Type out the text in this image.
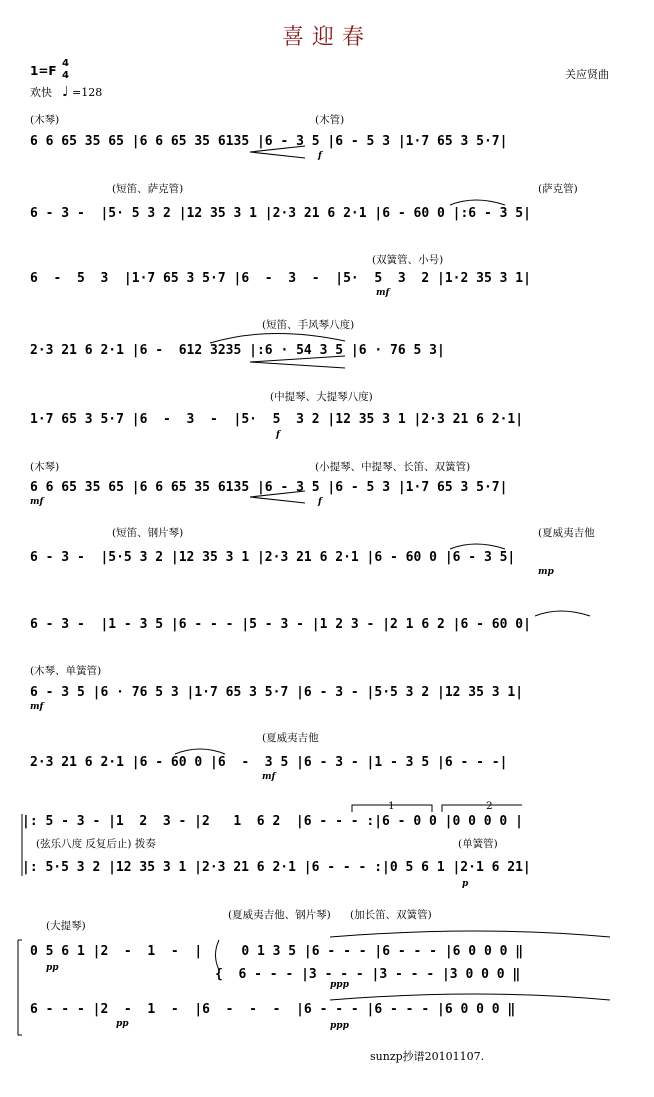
喜迎春
1=F
4
4
欢快 ♩ =128
关应贤曲
(木琴)	(木管)
(短笛、萨克管)	(萨克管)
(双簧管、小号)
(短笛、手风琴八度)
(中提琴、大提琴八度)
(木琴)	(小提琴、中提琴、长笛、双簧管)
(短笛、钢片琴)	(夏威夷吉他
(木琴、单簧管)
(夏威夷吉他
(弦乐八度 反复后止) 拨奏	(单簧管)
(大提琴)
(夏威夷吉他、钢片琴) (加长笛、双簧管)
6 6 65 35 65 |6 6 65 35 6135 |6 - 3 5 |6 - 5 3 |1·7 65 3 5·7|
6 - 3 -  |5· 5 3 2 |12 35 3 1 |2·3 21 6 2·1 |6 - 60 0 |:6 - 3 5|
6  -  5  3  |1·7 65 3 5·7 |6  -  3  -  |5·  5  3  2 |1·2 35 3 1|
2·3 21 6 2·1 |6 -  612 3235 |:6 · 54 3 5 |6 · 76 5 3|
1·7 65 3 5·7 |6  -  3  -  |5·  5  3 2 |12 35 3 1 |2·3 21 6 2·1|
6 6 65 35 65 |6 6 65 35 6135 |6 - 3 5 |6 - 5 3 |1·7 65 3 5·7|
6 - 3 -  |5·5 3 2 |12 35 3 1 |2·3 21 6 2·1 |6 - 60 0 |6 - 3 5|
6 - 3 -  |1 - 3 5 |6 - - - |5 - 3 - |1 2 3 - |2 1 6 2 |6 - 60 0|
6 - 3 5 |6 · 76 5 3 |1·7 65 3 5·7 |6 - 3 - |5·5 3 2 |12 35 3 1|
2·3 21 6 2·1 |6 - 60 0 |6  -  3 5 |6 - 3 - |1 - 3 5 |6 - - -|
|: 5 - 3 - |1  2  3 - |2   1  6 2  |6 - - - :|6 - 0 0 |0 0 0 0 |
|: 5·5 3 2 |12 35 3 1 |2·3 21 6 2·1 |6 - - - :|0 5 6 1 |2·1 6 21|
0 5 6 1 |2  -  1  -  |     0 1 3 5 |6 - - - |6 - - - |6 0 0 0 ‖
{  6 - - - |3 - - - |3 - - - |3 0 0 0 ‖
6 - - - |2  -  1  -  |6  -  -  -  |6 - - - |6 - - - |6 0 0 0 ‖
f
mf
f
mf	f
mp
mf
mf
p
pp
pp
ppp
ppp
1	2
sunzp抄谱20101107.
